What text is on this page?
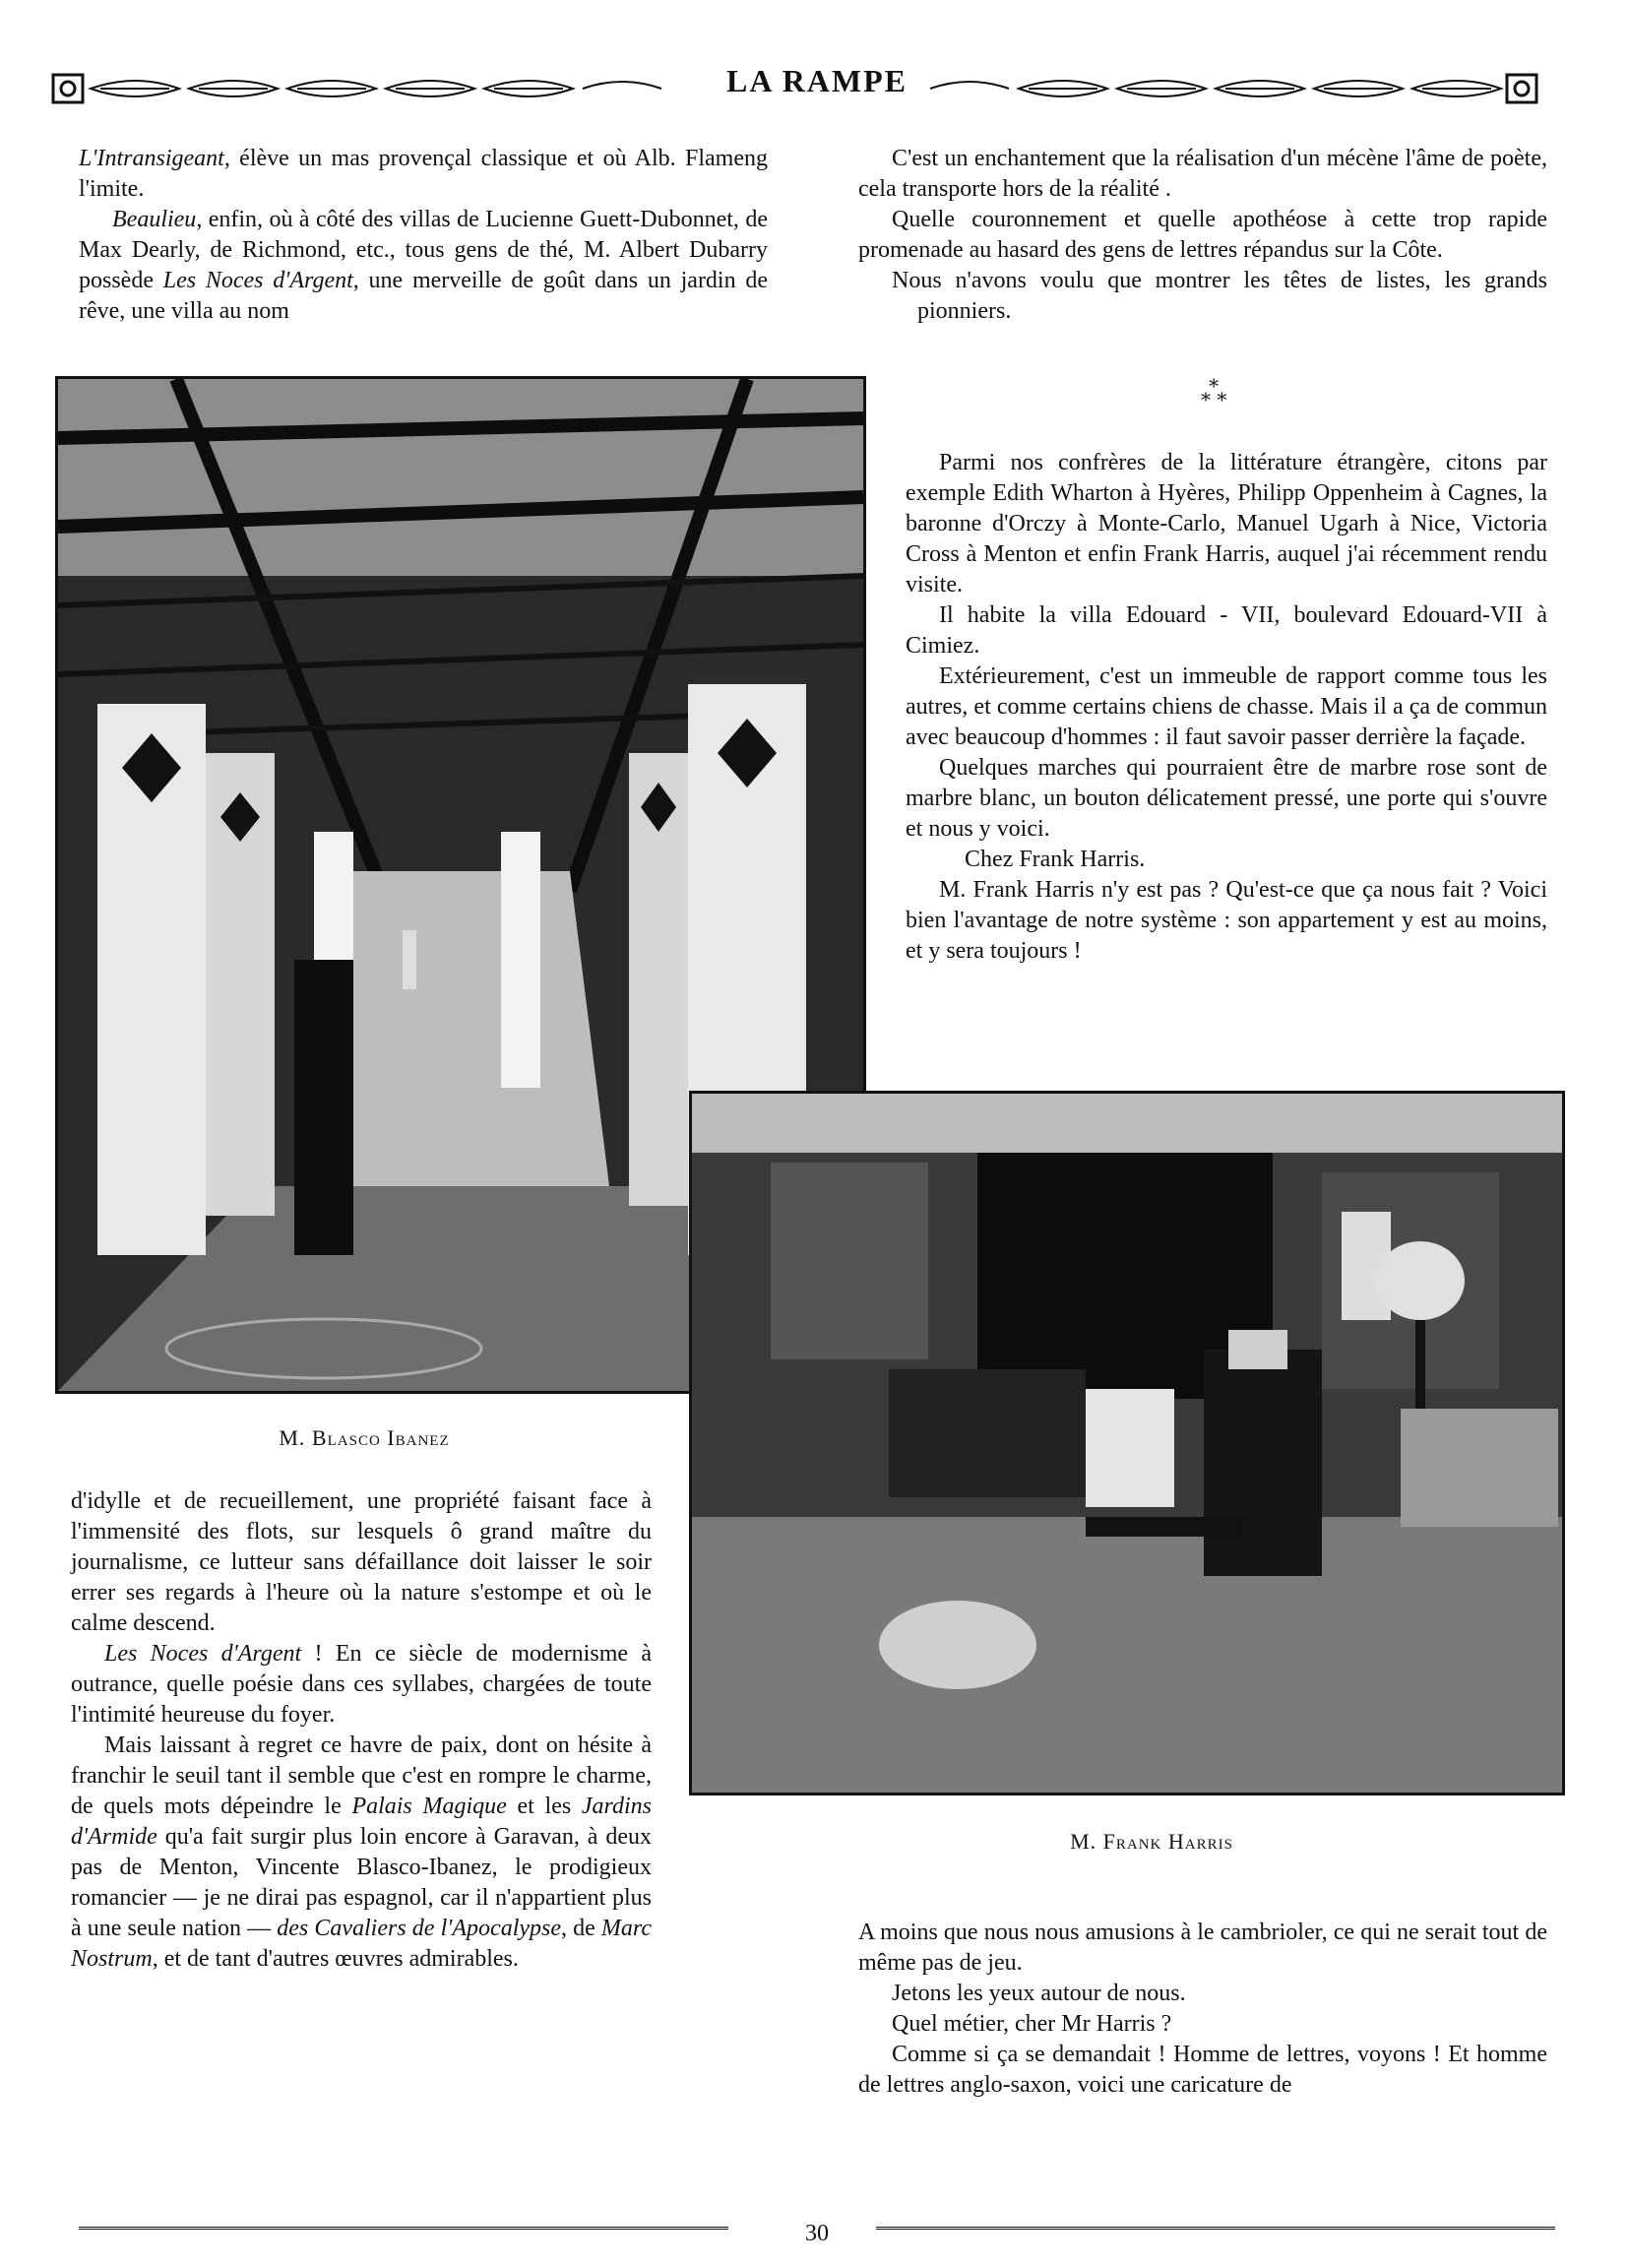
LA RAMPE

L'Intransigeant, élève un mas provençal classique et où Alb. Flameng l'imite.

Beaulieu, enfin, où à côté des villas de Lucienne Guett-Dubonnet, de Max Dearly, de Richmond, etc., tous gens de thé, M. Albert Dubarry possède Les Noces d'Argent, une merveille de goût dans un jardin de rêve, une villa au nom

C'est un enchantement que la réalisation d'un mécène l'âme de poète, cela transporte hors de la réalité .

Quelle couronnement et quelle apothéose à cette trop rapide promenade au hasard des gens de lettres répandus sur la Côte.

Nous n'avons voulu que montrer les têtes de listes, les grands pionniers.

*
* *

Parmi nos confrères de la littérature étrangère, citons par exemple Edith Wharton à Hyères, Philipp Oppenheim à Cagnes, la baronne d'Orczy à Monte-Carlo, Manuel Ugarh à Nice, Victoria Cross à Menton et enfin Frank Harris, auquel j'ai récemment rendu visite.

Il habite la villa Edouard - VII, boulevard Edouard-VII à Cimiez.

Extérieurement, c'est un immeuble de rapport comme tous les autres, et comme certains chiens de chasse. Mais il a ça de commun avec beaucoup d'hommes : il faut savoir passer derrière la façade.

Quelques marches qui pourraient être de marbre rose sont de marbre blanc, un bouton délicatement pressé, une porte qui s'ouvre et nous y voici.

Chez Frank Harris.

M. Frank Harris n'y est pas ? Qu'est-ce que ça nous fait ? Voici bien l'avantage de notre système : son appartement y est au moins, et y sera toujours !

M. Blasco Ibanez
M. Frank Harris

d'idylle et de recueillement, une propriété faisant face à l'immensité des flots, sur lesquels ô grand maître du journalisme, ce lutteur sans défaillance doit laisser le soir errer ses regards à l'heure où la nature s'estompe et où le calme descend.

Les Noces d'Argent ! En ce siècle de modernisme à outrance, quelle poésie dans ces syllabes, chargées de toute l'intimité heureuse du foyer.

Mais laissant à regret ce havre de paix, dont on hésite à franchir le seuil tant il semble que c'est en rompre le charme, de quels mots dépeindre le Palais Magique et les Jardins d'Armide qu'a fait surgir plus loin encore à Garavan, à deux pas de Menton, Vincente Blasco-Ibanez, le prodigieux romancier — je ne dirai pas espagnol, car il n'appartient plus à une seule nation — des Cavaliers de l'Apocalypse, de Marc Nostrum, et de tant d'autres œuvres admirables.

A moins que nous nous amusions à le cambrioler, ce qui ne serait tout de même pas de jeu.

Jetons les yeux autour de nous.

Quel métier, cher Mr Harris ?

Comme si ça se demandait ! Homme de lettres, voyons ! Et homme de lettres anglo-saxon, voici une caricature de

30
